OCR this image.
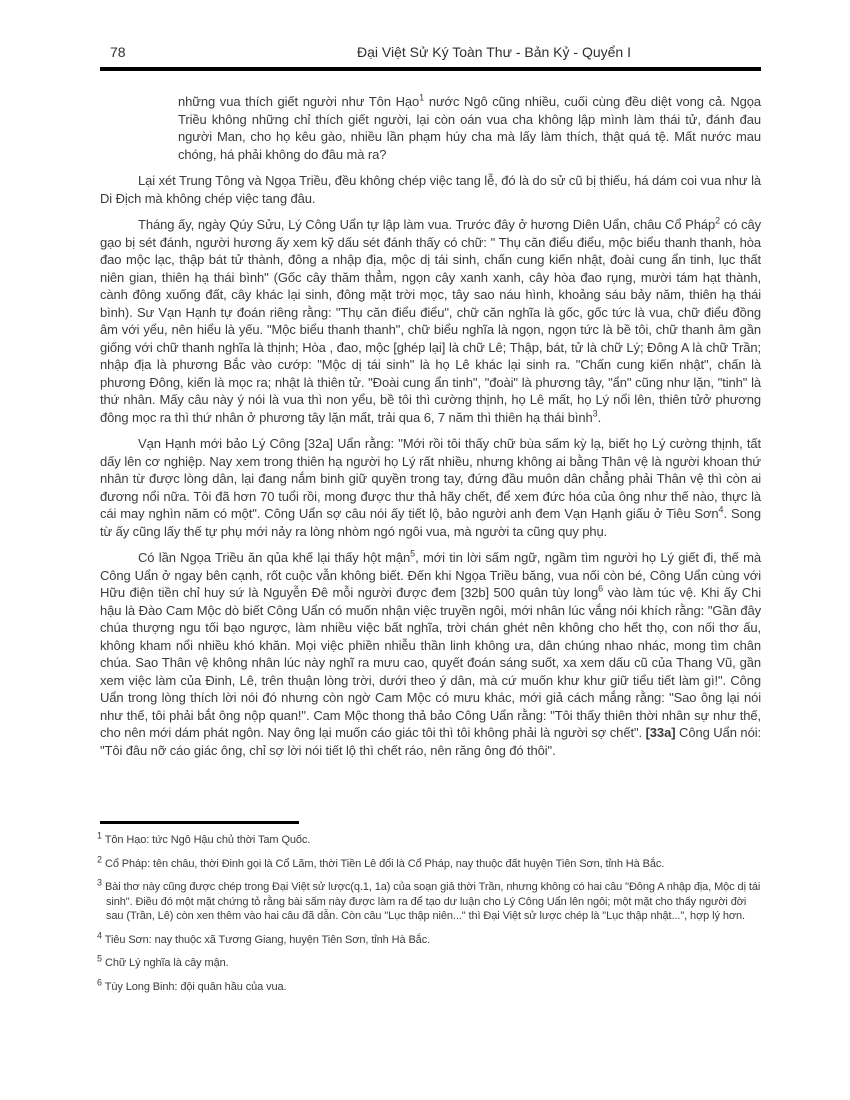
78	Đại Việt Sử Ký Toàn Thư - Bản Kỷ - Quyển I

những vua thích giết người như Tôn Hạo$^1$ nước Ngô cũng nhiều, cuối cùng đều diệt vong cả. Ngọa Triều không những chỉ thích giết người, lại còn oán vua cha không lập mình làm thái tử, đánh đau người Man, cho họ kêu gào, nhiều lần phạm húy cha mà lấy làm thích, thật quá tệ. Mất nước mau chóng, há phải không do đâu mà ra?

Lại xét Trung Tông và Ngọa Triều, đều không chép việc tang lễ, đó là do sử cũ bị thiếu, há dám coi vua như là Di Địch mà không chép việc tang đâu.

Tháng ấy, ngày Qúy Sửu, Lý Công Uẩn tự lập làm vua. Trước đây ở hương Diên Uẩn, châu Cổ Pháp$^2$ có cây gạo bị sét đánh, người hương ấy xem kỹ dấu sét đánh thấy có chữ: " Thụ căn điểu điểu, mộc biểu thanh thanh, hòa đao mộc lạc, thập bát tử thành, đông a nhập địa, mộc dị tái sinh, chấn cung kiến nhật, đoài cung ẩn tinh, lục thất niên gian, thiên hạ thái bình" (Gốc cây thăm thẳm, ngọn cây xanh xanh, cây hòa đao rụng, mười tám hạt thành, cành đông xuống đất, cây khác lại sinh, đông mặt trời mọc, tây sao náu hình, khoảng sáu bảy năm, thiên hạ thái bình). Sư Vạn Hạnh tự đoán riêng rằng: "Thụ căn điểu điểu", chữ căn nghĩa là gốc, gốc tức là vua, chữ điểu đồng âm với yểu, nên hiểu là yếu. "Mộc biểu thanh thanh", chữ biểu nghĩa là ngọn, ngọn tức là bề tôi, chữ thanh âm gần giống với chữ thanh nghĩa là thịnh; Hòa , đao, mộc [ghép lại] là chữ Lê; Thập, bát, tử là chữ Lý; Đông A là chữ Trần; nhập địa là phương Bắc vào cướp: "Mộc dị tái sinh" là họ Lê khác lại sinh ra. "Chấn cung kiến nhật", chấn là phương Đông, kiến là mọc ra; nhật là thiên tử. "Đoài cung ẩn tinh", "đoài" là phương tây, "ẩn" cũng như lặn, "tinh" là thứ nhân. Mấy câu này ý nói là vua thì non yểu, bề tôi thì cường thịnh, họ Lê mất, họ Lý nổi lên, thiên tửở phương đông mọc ra thì thứ nhân ở phương tây lặn mất, trải qua 6, 7 năm thì thiên hạ thái bình$^3$.

Vạn Hạnh mới bảo Lý Công [32a] Uẩn rằng: "Mới rồi tôi thấy chữ bùa sấm kỳ lạ, biết họ Lý cường thịnh, tất dấy lên cơ nghiệp. Nay xem trong thiên hạ người họ Lý rất nhiều, nhưng không ai bằng Thân vệ là người khoan thứ nhân từ được lòng dân, lại đang nắm binh giữ quyền trong tay, đứng đầu muôn dân chẳng phải Thân vệ thì còn ai đương nổi nữa. Tôi đã hơn 70 tuổi rồi, mong được thư thả hãy chết, để xem đức hóa của ông như thế nào, thực là cái may nghìn năm có một". Công Uẩn sợ câu nói ấy tiết lộ, bảo người anh đem Vạn Hạnh giấu ở Tiêu Sơn$^4$. Song từ ấy cũng lấy thế tự phụ mới nảy ra lòng nhòm ngó ngôi vua, mà người ta cũng quy phụ.

Có lần Ngọa Triều ăn qủa khế lại thấy hột mận$^5$, mới tin lời sấm ngữ, ngầm tìm người họ Lý giết đi, thế mà Công Uẩn ở ngay bên cạnh, rốt cuộc vẫn không biết. Đến khi Ngọa Triều băng, vua nối còn bé, Công Uẩn cùng với Hữu điện tiền chỉ huy sứ là Nguyễn Đê mỗi người được đem [32b] 500 quân tùy long$^6$ vào làm túc vệ. Khi ấy Chi hậu là Đào Cam Mộc dò biết Công Uẩn có muốn nhận việc truyền ngôi, mới nhân lúc vắng nói khích rằng: "Gần đây chúa thượng ngu tối bạo ngược, làm nhiều việc bất nghĩa, trời chán ghét nên không cho hết thọ, con nối thơ ấu, không kham nổi nhiều khó khăn. Mọi việc phiền nhiễu thần linh không ưa, dân chúng nhao nhác, mong tìm chân chúa. Sao Thân vệ không nhân lúc này nghĩ ra mưu cao, quyết đoán sáng suốt, xa xem dấu cũ của Thang Vũ, gần xem việc làm của Đinh, Lê, trên thuận lòng trời, dưới theo ý dân, mà cứ muốn khư khư giữ tiểu tiết làm gì!". Công Uẩn trong lòng thích lời nói đó nhưng còn ngờ Cam Mộc có mưu khác, mới giả cách mắng rằng: "Sao ông lại nói như thế, tôi phải bắt ông nộp quan!". Cam Mộc thong thả bảo Công Uẩn rằng: "Tôi thấy thiên thời nhân sự như thế, cho nên mới dám phát ngôn. Nay ông lại muốn cáo giác tôi thì tôi không phải là người sợ chết". [33a] Công Uẩn nói: "Tôi đâu nỡ cáo giác ông, chỉ sợ lời nói tiết lộ thì chết ráo, nên răng ông đó thôi".

$^1$ Tôn Hạo: tức Ngô Hậu chủ thời Tam Quốc.

$^2$ Cổ Pháp: tên châu, thời Đinh gọi là Cổ Lãm, thời Tiền Lê đổi là Cổ Pháp, nay thuộc đất huyện Tiên Sơn, tỉnh Hà Bắc.

$^3$ Bài thơ này cũng được chép trong Đại Việt sử lược(q.1, 1a) của soạn giả thời Trần, nhưng không có hai câu "Đông A nhập địa, Mộc dị tái sinh". Điều đó một mặt chứng tỏ rằng bài sấm này được làm ra để tạo dư luận cho Lý Công Uẩn lên ngôi; một mặt cho thấy người đời sau (Trần, Lê) còn xen thêm vào hai câu đã dẫn. Còn câu "Lục thập niên..." thì Đại Việt sử lược chép là "Lục thập nhật...", hợp lý hơn.

$^4$ Tiêu Sơn: nay thuộc xã Tương Giang, huyện Tiên Sơn, tỉnh Hà Bắc.

$^5$ Chữ Lý nghĩa là cây mận.

$^6$ Tùy Long Binh: đội quân hầu của vua.
